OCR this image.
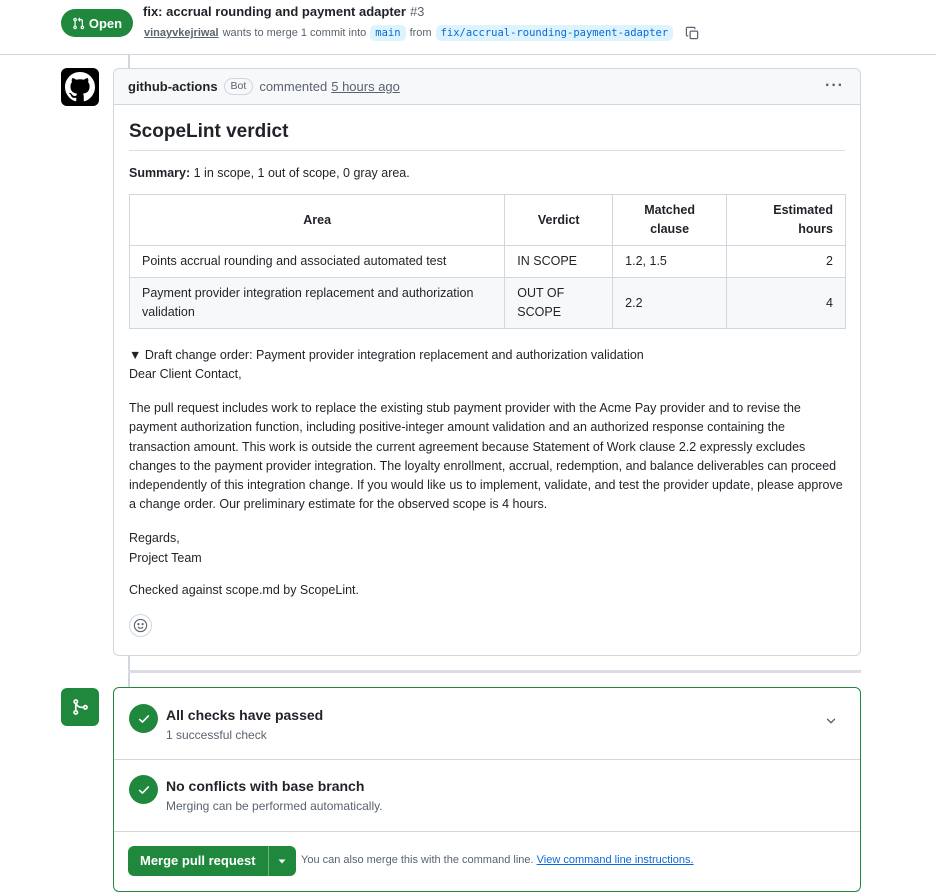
Open
fix: accrual rounding and payment adapter #3
vinayvkejriwal wants to merge 1 commit into main from fix/accrual-rounding-payment-adapter
github-actions	Bot	commented 5 hours ago	···
ScopeLint verdict
Summary: 1 in scope, 1 out of scope, 0 gray area.
Area	Verdict	Matched clause	Estimated hours
Points accrual rounding and associated automated test	IN SCOPE	1.2, 1.5	2
Payment provider integration replacement and authorization validation	OUT OF SCOPE	2.2	4
▼ Draft change order: Payment provider integration replacement and authorization validation

Dear Client Contact,

The pull request includes work to replace the existing stub payment provider with the Acme Pay provider and to revise the payment authorization function, including positive-integer amount validation and an authorized response containing the transaction amount. This work is outside the current agreement because Statement of Work clause 2.2 expressly excludes changes to the payment provider integration. The loyalty enrollment, accrual, redemption, and balance deliverables can proceed independently of this integration change. If you would like us to implement, validate, and test the provider update, please approve a change order. Our preliminary estimate for the observed scope is 4 hours.

Regards,

Project Team

Checked against scope.md by ScopeLint.
All checks have passed
1 successful check
No conflicts with base branch
Merging can be performed automatically.
Merge pull request	You can also merge this with the command line. View command line instructions.
